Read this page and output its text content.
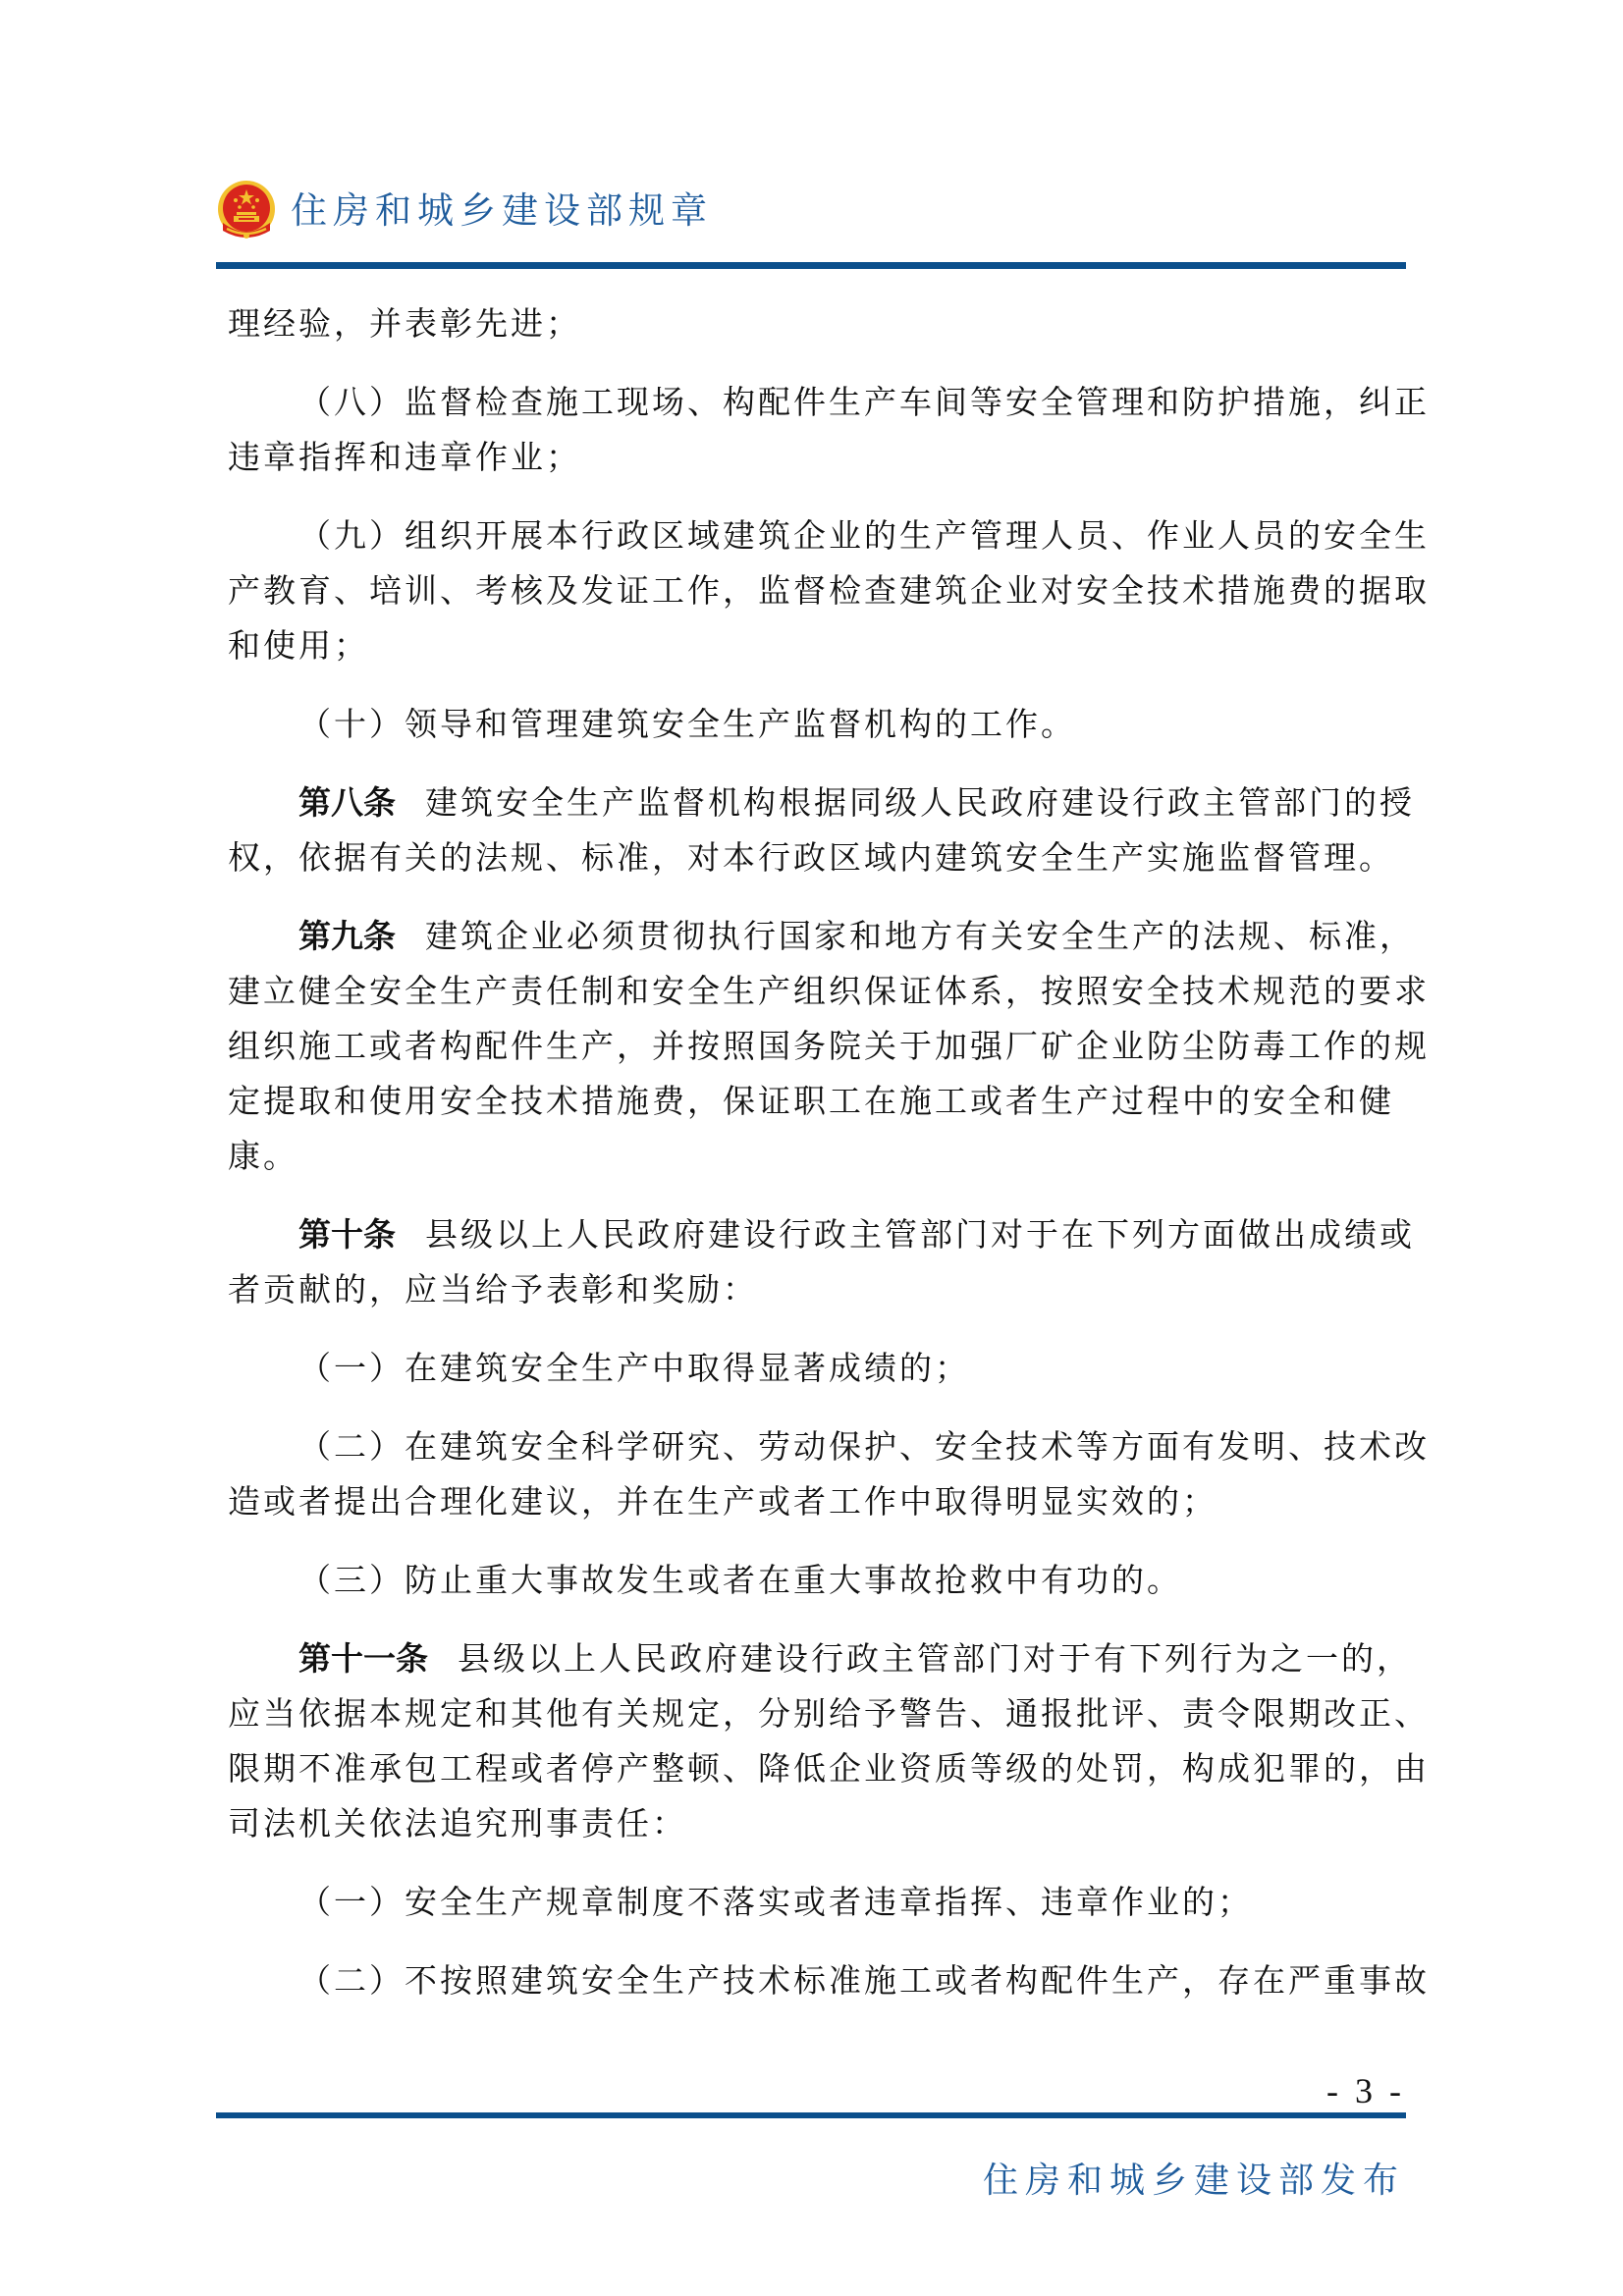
住房和城乡建设部规章

理经验，并表彰先进；

（八）监督检查施工现场、构配件生产车间等安全管理和防护措施，纠正
违章指挥和违章作业；

（九）组织开展本行政区域建筑企业的生产管理人员、作业人员的安全生
产教育、培训、考核及发证工作，监督检查建筑企业对安全技术措施费的据取
和使用；

（十）领导和管理建筑安全生产监督机构的工作。

第八条 建筑安全生产监督机构根据同级人民政府建设行政主管部门的授
权，依据有关的法规、标准，对本行政区域内建筑安全生产实施监督管理。

第九条 建筑企业必须贯彻执行国家和地方有关安全生产的法规、标准，
建立健全安全生产责任制和安全生产组织保证体系，按照安全技术规范的要求
组织施工或者构配件生产，并按照国务院关于加强厂矿企业防尘防毒工作的规
定提取和使用安全技术措施费，保证职工在施工或者生产过程中的安全和健
康。

第十条 县级以上人民政府建设行政主管部门对于在下列方面做出成绩或
者贡献的，应当给予表彰和奖励：

（一）在建筑安全生产中取得显著成绩的；

（二）在建筑安全科学研究、劳动保护、安全技术等方面有发明、技术改
造或者提出合理化建议，并在生产或者工作中取得明显实效的；

（三）防止重大事故发生或者在重大事故抢救中有功的。

第十一条 县级以上人民政府建设行政主管部门对于有下列行为之一的，
应当依据本规定和其他有关规定，分别给予警告、通报批评、责令限期改正、
限期不准承包工程或者停产整顿、降低企业资质等级的处罚，构成犯罪的，由
司法机关依法追究刑事责任：

（一）安全生产规章制度不落实或者违章指挥、违章作业的；

（二）不按照建筑安全生产技术标准施工或者构配件生产，存在严重事故

- 3 -
住房和城乡建设部发布
